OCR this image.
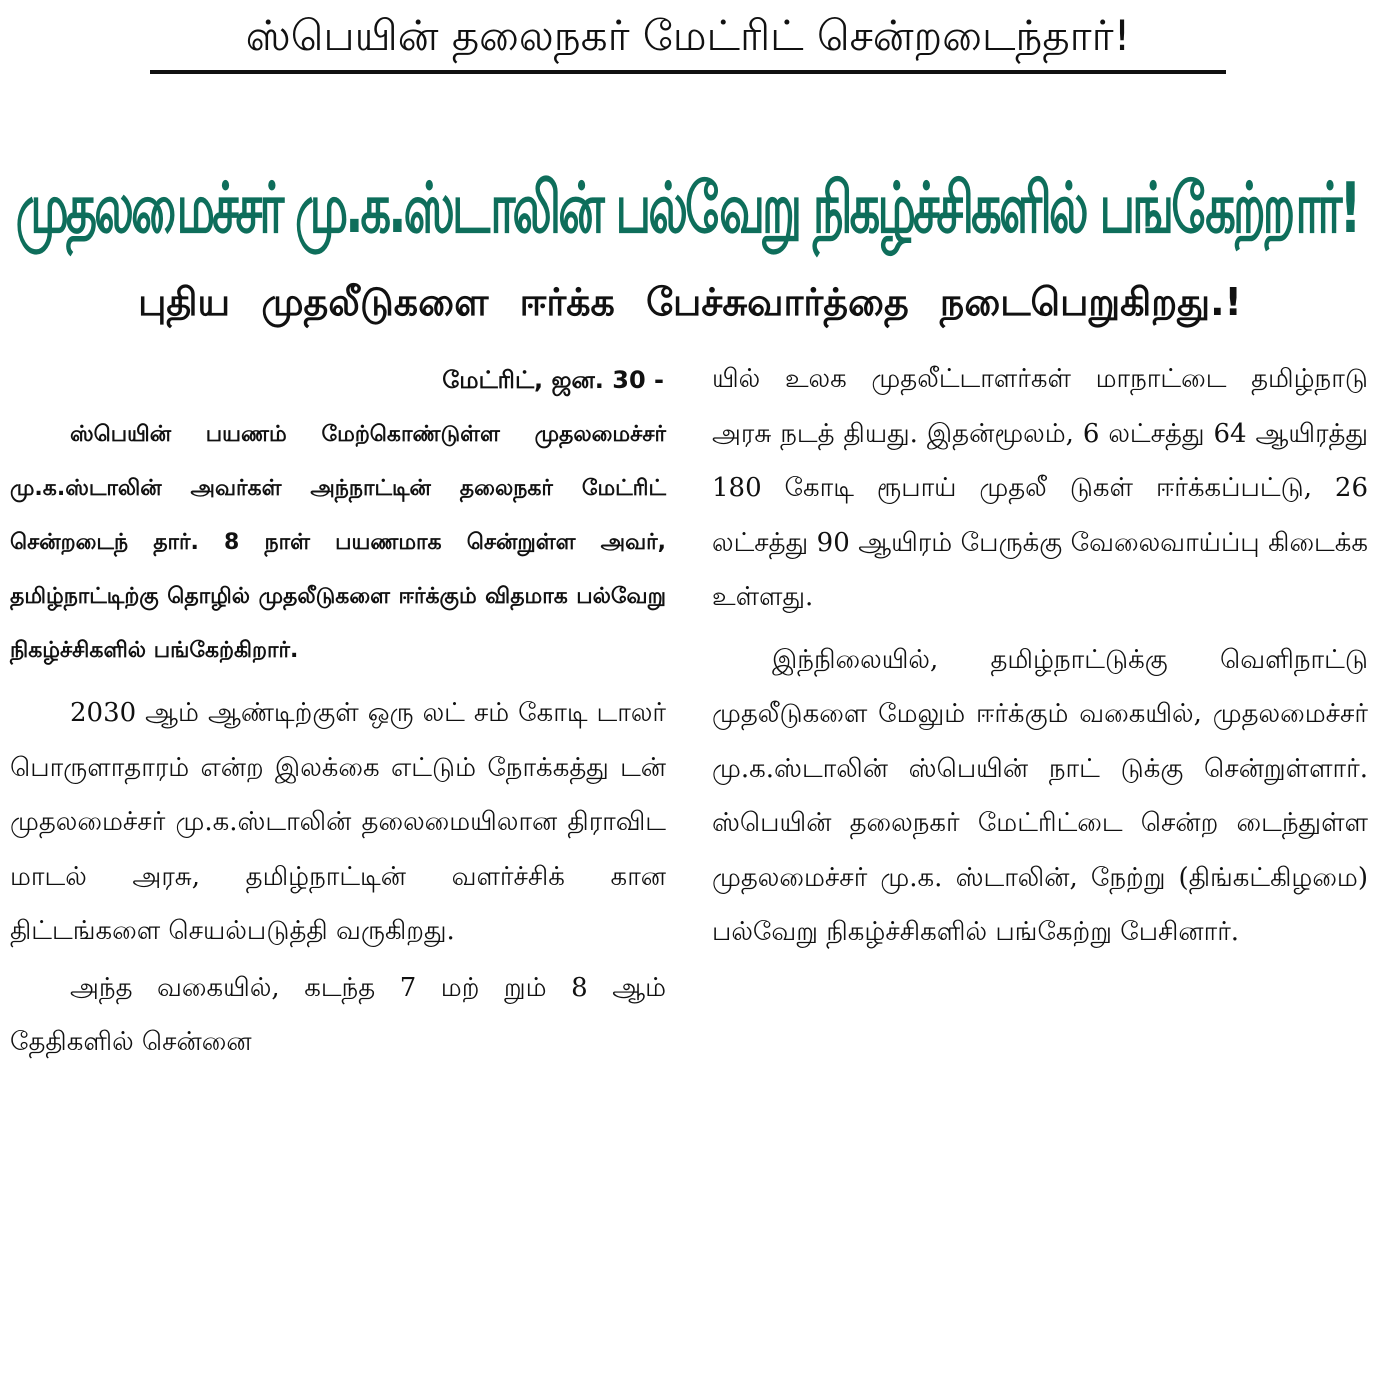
ஸ்பெயின் தலைநகர் மேட்ரிட் சென்றடைந்தார்!
முதலமைச்சர் மு.க.ஸ்டாலின் பல்வேறு நிகழ்ச்சிகளில் பங்கேற்றார்!
புதிய முதலீடுகளை ஈர்க்க பேச்சுவார்த்தை நடைபெறுகிறது.!

மேட்ரிட், ஜன. 30 -

ஸ்பெயின் பயணம் மேற்கொண்டுள்ள முதலமைச்சர் மு.க.ஸ்டாலின் அவர்கள் அந்நாட்டின் தலைநகர் மேட்ரிட் சென்றடைந் தார். 8 நாள் பயணமாக சென்றுள்ள அவர், தமிழ்நாட்டிற்கு தொழில் முதலீடுகளை ஈர்க்கும் விதமாக பல்வேறு நிகழ்ச்சிகளில் பங்கேற்கிறார்.

2030 ஆம் ஆண்டிற்குள் ஒரு லட் சம் கோடி டாலர் பொருளாதாரம் என்ற இலக்கை எட்டும் நோக்கத்து டன் முதலமைச்சர் மு.க.ஸ்டாலின் தலைமையிலான திராவிட மாடல் அரசு, தமிழ்நாட்டின் வளர்ச்சிக் கான திட்டங்களை செயல்படுத்தி வருகிறது.

அந்த வகையில், கடந்த 7 மற் றும் 8 ஆம் தேதிகளில் சென்னை

யில் உலக முதலீட்டாளர்கள் மாநாட்டை தமிழ்நாடு அரசு நடத் தியது. இதன்மூலம், 6 லட்சத்து 64 ஆயிரத்து 180 கோடி ரூபாய் முதலீ டுகள் ஈர்க்கப்பட்டு, 26 லட்சத்து 90 ஆயிரம் பேருக்கு வேலைவாய்ப்பு கிடைக்க உள்ளது.

இந்நிலையில், தமிழ்நாட்டுக்கு வெளிநாட்டு முதலீடுகளை மேலும் ஈர்க்கும் வகையில், முதலமைச்சர் மு.க.ஸ்டாலின் ஸ்பெயின் நாட் டுக்கு சென்றுள்ளார். ஸ்பெயின் தலைநகர் மேட்ரிட்டை சென்ற டைந்துள்ள முதலமைச்சர் மு.க. ஸ்டாலின், நேற்று (திங்கட்கிழமை) பல்வேறு நிகழ்ச்சிகளில் பங்கேற்று பேசினார்.
